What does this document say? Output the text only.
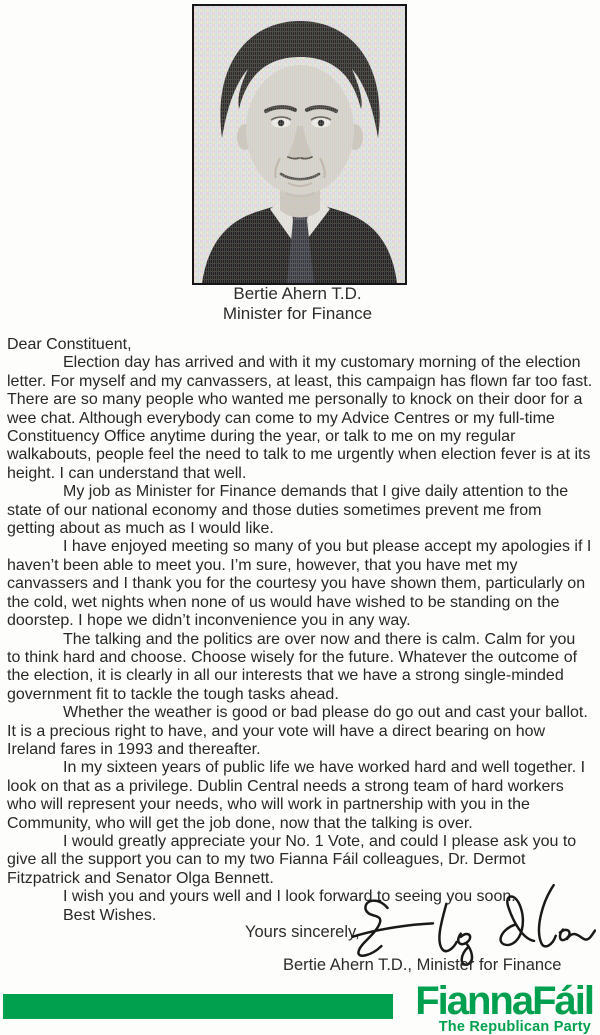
Bertie Ahern T.D.
Minister for Finance

Dear Constituent,

Election day has arrived and with it my customary morning of the election letter. For myself and my canvassers, at least, this campaign has flown far too fast. There are so many people who wanted me personally to knock on their door for a wee chat. Although everybody can come to my Advice Centres or my full-time Constituency Office anytime during the year, or talk to me on my regular walkabouts, people feel the need to talk to me urgently when election fever is at its height. I can understand that well.

My job as Minister for Finance demands that I give daily attention to the state of our national economy and those duties sometimes prevent me from getting about as much as I would like.

I have enjoyed meeting so many of you but please accept my apologies if I haven’t been able to meet you. I’m sure, however, that you have met my canvassers and I thank you for the courtesy you have shown them, particularly on the cold, wet nights when none of us would have wished to be standing on the doorstep. I hope we didn’t inconvenience you in any way.

The talking and the politics are over now and there is calm. Calm for you to think hard and choose. Choose wisely for the future. Whatever the outcome of the election, it is clearly in all our interests that we have a strong single-minded government fit to tackle the tough tasks ahead.

Whether the weather is good or bad please do go out and cast your ballot. It is a precious right to have, and your vote will have a direct bearing on how Ireland fares in 1993 and thereafter.

In my sixteen years of public life we have worked hard and well together. I look on that as a privilege. Dublin Central needs a strong team of hard workers who will represent your needs, who will work in partnership with you in the Community, who will get the job done, now that the talking is over.

I would greatly appreciate your No. 1 Vote, and could I please ask you to give all the support you can to my two Fianna Fáil colleagues, Dr. Dermot Fitzpatrick and Senator Olga Bennett.

I wish you and yours well and I look forward to seeing you soon.

Best Wishes.

Yours sincerely,
Bertie Ahern T.D., Minister for Finance
FiannaFáil
The Republican Party
